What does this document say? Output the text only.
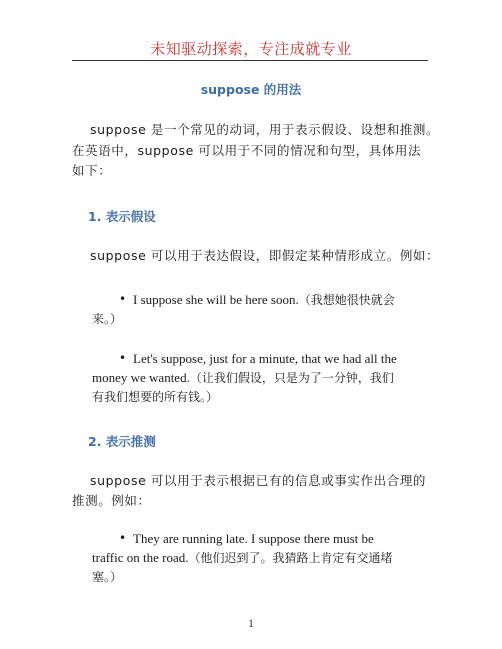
未知驱动探索，专注成就专业
suppose 的用法
suppose 是一个常见的动词，用于表示假设、设想和推测。
在英语中，suppose 可以用于不同的情况和句型，具体用法
如下：
1. 表示假设
suppose 可以用于表达假设，即假定某种情形成立。例如：
• I suppose she will be here soon.（我想她很快就会
来。）
• Let's suppose, just for a minute, that we had all the
money we wanted.（让我们假设，只是为了一分钟，我们
有我们想要的所有钱。）
2. 表示推测
suppose 可以用于表示根据已有的信息或事实作出合理的
推测。例如：
• They are running late. I suppose there must be
traffic on the road.（他们迟到了。我猜路上肯定有交通堵
塞。）
1
